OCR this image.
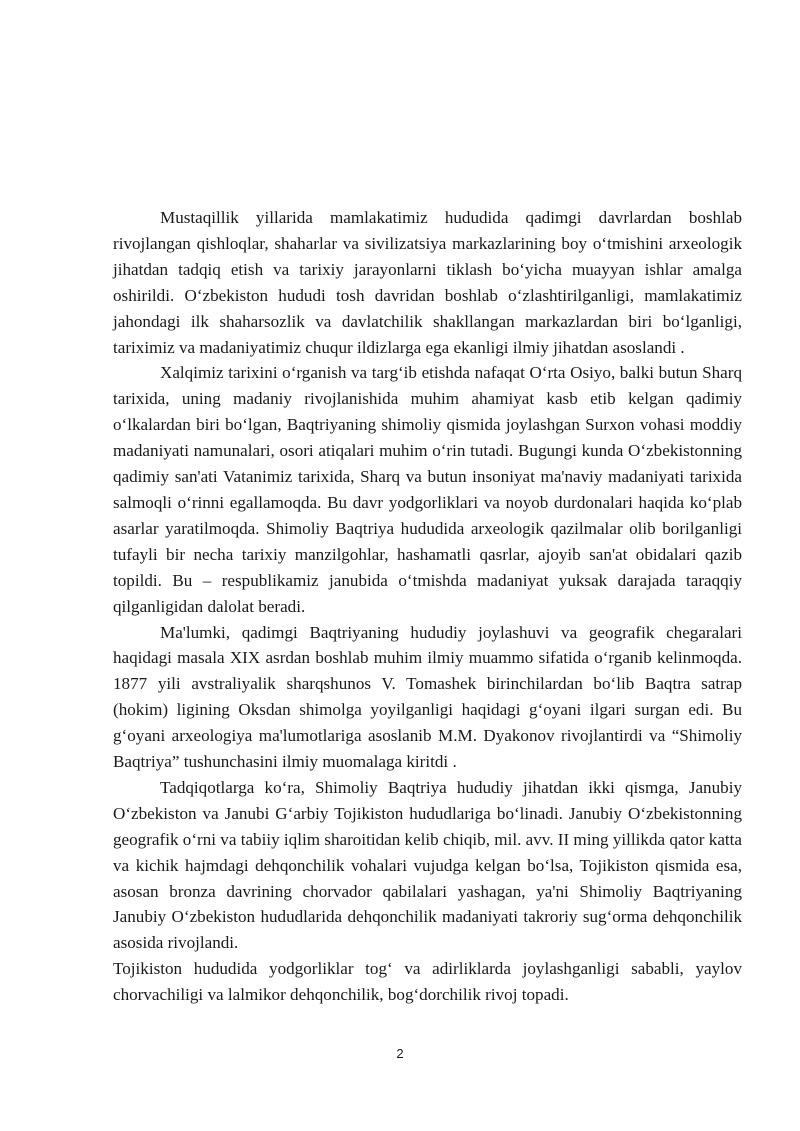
Mustaqillik yillarida mamlakatimiz hududida qadimgi davrlardan boshlab rivojlangan qishloqlar, shaharlar va sivilizatsiya markazlarining boy o‘tmishini arxeologik jihatdan tadqiq etish va tarixiy jarayonlarni tiklash bo‘yicha muayyan ishlar amalga oshirildi. O‘zbekiston hududi tosh davridan boshlab o‘zlashtirilganligi, mamlakatimiz jahondagi ilk shaharsozlik va davlatchilik shakllangan markazlardan biri bo‘lganligi, tariximiz va madaniyatimiz chuqur ildizlarga ega ekanligi ilmiy jihatdan asoslandi .

Xalqimiz tarixini o‘rganish va targ‘ib etishda nafaqat O‘rta Osiyo, balki butun Sharq tarixida, uning madaniy rivojlanishida muhim ahamiyat kasb etib kelgan qadimiy o‘lkalardan biri bo‘lgan, Baqtriyaning shimoliy qismida joylashgan Surxon vohasi moddiy madaniyati namunalari, osori atiqalari muhim o‘rin tutadi. Bugungi kunda O‘zbekistonning qadimiy san'ati Vatanimiz tarixida, Sharq va butun insoniyat ma'naviy madaniyati tarixida salmoqli o‘rinni egallamoqda. Bu davr yodgorliklari va noyob durdonalari haqida ko‘plab asarlar yaratilmoqda. Shimoliy Baqtriya hududida arxeologik qazilmalar olib borilganligi tufayli bir necha tarixiy manzilgohlar, hashamatli qasrlar, ajoyib san'at obidalari qazib topildi. Bu – respublikamiz janubida o‘tmishda madaniyat yuksak darajada taraqqiy qilganligidan dalolat beradi.

Ma'lumki, qadimgi Baqtriyaning hududiy joylashuvi va geografik chegaralari haqidagi masala XIX asrdan boshlab muhim ilmiy muammo sifatida o‘rganib kelinmoqda. 1877 yili avstraliyalik sharqshunos V. Tomashek birinchilardan bo‘lib Baqtra satrap (hokim) ligining Oksdan shimolga yoyilganligi haqidagi g‘oyani ilgari surgan edi. Bu g‘oyani arxeologiya ma'lumotlariga asoslanib M.M. Dyakonov rivojlantirdi va “Shimoliy Baqtriya” tushunchasini ilmiy muomalaga kiritdi .

Tadqiqotlarga ko‘ra, Shimoliy Baqtriya hududiy jihatdan ikki qismga, Janubiy O‘zbekiston va Janubi G‘arbiy Tojikiston hududlariga bo‘linadi. Janubiy O‘zbekistonning geografik o‘rni va tabiiy iqlim sharoitidan kelib chiqib, mil. avv. II ming yillikda qator katta va kichik hajmdagi dehqonchilik vohalari vujudga kelgan bo‘lsa, Tojikiston qismida esa, asosan bronza davrining chorvador qabilalari yashagan, ya'ni Shimoliy Baqtriyaning Janubiy O‘zbekiston hududlarida dehqonchilik madaniyati takroriy sug‘orma dehqonchilik asosida rivojlandi.

Tojikiston hududida yodgorliklar tog‘ va adirliklarda joylashganligi sababli, yaylov chorvachiligi va lalmikor dehqonchilik, bog‘dorchilik rivoj topadi.

2
